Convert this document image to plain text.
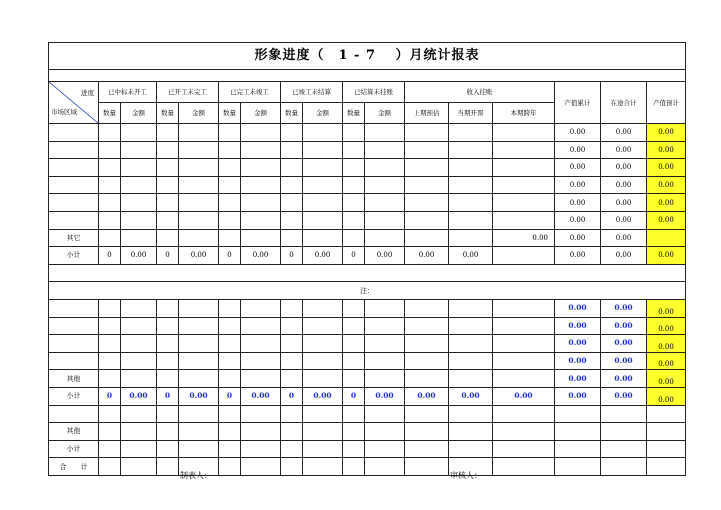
形象进度（　1 - 7　 ）月统计报表																

进度
市场区域	已中标未开工		已开工未完工		已完工未竣工		已竣工未结算		已结算未挂账		收入挂账			产值累计	在途合计	产值预计
	数量	金额	数量	金额	数量	金额	数量	金额	数量	金额	上期预估	当期开票	本期跨年			
														0.00	0.00	0.00
														0.00	0.00	0.00
														0.00	0.00	0.00
														0.00	0.00	0.00
														0.00	0.00	0.00
														0.00	0.00	0.00
其它													0.00	0.00	0.00	
小计	0	0.00	0	0.00	0	0.00	0	0.00	0	0.00	0.00	0.00		0.00	0.00	0.00

注：																
														0.00	0.00	0.00

														0.00	0.00	0.00

														0.00	0.00	0.00

														0.00	0.00	0.00

其他														0.00	0.00	0.00

小计	0	0.00	0	0.00	0	0.00	0	0.00	0	0.00	0.00	0.00	0.00	0.00	0.00	0.00

其他																
小计																
合　　计																
制表人：	审核人：
